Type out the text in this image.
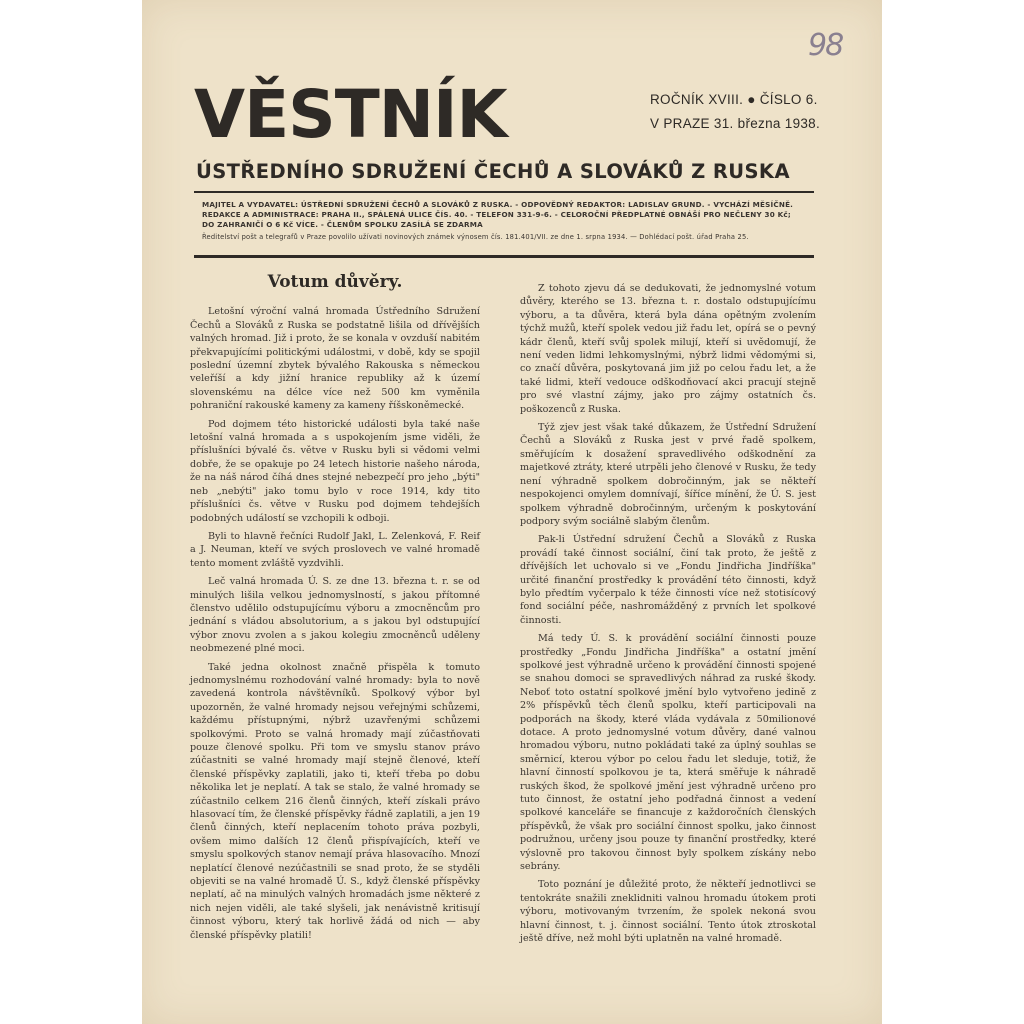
98
VĚSTNÍK	ROČNÍK XVIII. ● ČÍSLO 6.
V PRAZE 31. března 1938.
ÚSTŘEDNÍHO SDRUŽENÍ ČECHŮ A SLOVÁKŮ Z RUSKA
MAJITEL A VYDAVATEL: ÚSTŘEDNÍ SDRUŽENÍ ČECHŮ A SLOVÁKŮ Z RUSKA. - ODPOVĚDNÝ REDAKTOR: LADISLAV GRUND. - VYCHÁZÍ MĚSÍČNĚ.
REDAKCE A ADMINISTRACE: PRAHA II., SPÁLENÁ ULICE ČÍS. 40. - TELEFON 331-9-6. - CELOROČNÍ PŘEDPLATNÉ OBNÁŠÍ PRO NEČLENY 30 Kč;
DO ZAHRANIČÍ O 6 Kč VÍCE. - ČLENŮM SPOLKU ZASÍLÁ SE ZDARMA
Ředitelství pošt a telegrafů v Praze povolilo užívati novinových známek výnosem čís. 181.401/VII. ze dne 1. srpna 1934. — Dohlédací pošt. úřad Praha 25.
Votum důvěry.

Letošní výroční valná hromada Ústředního Sdružení Čechů a Slováků z Ruska se podstatně lišila od dřívějších valných hromad. Již i proto, že se konala v ovzduší nabitém překvapujícími politickými událostmi, v době, kdy se spojil poslední územní zbytek bývalého Rakouska s německou veleříší a kdy jižní hranice republiky až k území slovenskému na délce více než 500 km vyměnila pohraniční rakouské kameny za kameny říšskoněmecké.

Pod dojmem této historické události byla také naše letošní valná hromada a s uspokojením jsme viděli, že příslušníci bývalé čs. větve v Rusku byli si vědomi velmi dobře, že se opakuje po 24 letech historie našeho národa, že na náš národ číhá dnes stejné nebezpečí pro jeho „býti" neb „nebýti" jako tomu bylo v roce 1914, kdy tito příslušníci čs. větve v Rusku pod dojmem tehdejších podobných událostí se vzchopili k odboji.

Byli to hlavně řečníci Rudolf Jakl, L. Zelenková, F. Reif a J. Neuman, kteří ve svých proslovech ve valné hromadě tento moment zvláště vyzdvihli.

Leč valná hromada Ú. S. ze dne 13. března t. r. se od minulých lišila velkou jednomyslností, s jakou přítomné členstvo udělilo odstupujícímu výboru a zmocněncům pro jednání s vládou absolutorium, a s jakou byl odstupující výbor znovu zvolen a s jakou kolegiu zmocněnců uděleny neobmezené plné moci.

Také jedna okolnost značně přispěla k tomuto jednomyslnému rozhodování valné hromady: byla to nově zavedená kontrola návštěvníků. Spolkový výbor byl upozorněn, že valné hromady nejsou veřejnými schůzemi, každému přístupnými, nýbrž uzavřenými schůzemi spolkovými. Proto se valná hromady mají zúčastňovati pouze členové spolku. Při tom ve smyslu stanov právo zúčastniti se valné hromady mají stejně členové, kteří členské příspěvky zaplatili, jako ti, kteří třeba po dobu několika let je neplatí. A tak se stalo, že valné hromady se zúčastnilo celkem 216 členů činných, kteří získali právo hlasovací tím, že členské příspěvky řádně zaplatili, a jen 19 členů činných, kteří neplacením tohoto práva pozbyli, ovšem mimo dalších 12 členů přispívajících, kteří ve smyslu spolkových stanov nemají práva hlasovacího. Mnozí neplatící členové nezúčastnili se snad proto, že se styděli objeviti se na valné hromadě Ú. S., když členské příspěvky neplatí, ač na minulých valných hromadách jsme některé z nich nejen viděli, ale také slyšeli, jak nenávistně kritisují činnost výboru, který tak horlivě žádá od nich — aby členské příspěvky platili!

Z tohoto zjevu dá se dedukovati, že jednomyslné votum důvěry, kterého se 13. března t. r. dostalo odstupujícímu výboru, a ta důvěra, která byla dána opětným zvolením týchž mužů, kteří spolek vedou již řadu let, opírá se o pevný kádr členů, kteří svůj spolek milují, kteří si uvědomují, že není veden lidmi lehkomyslnými, nýbrž lidmi vědomými si, co značí důvěra, poskytovaná jim již po celou řadu let, a že také lidmi, kteří vedouce odškodňovací akci pracují stejně pro své vlastní zájmy, jako pro zájmy ostatních čs. poškozenců z Ruska.

Týž zjev jest však také důkazem, že Ústřední Sdružení Čechů a Slováků z Ruska jest v prvé řadě spolkem, směřujícím k dosažení spravedlivého odškodnění za majetkové ztráty, které utrpěli jeho členové v Rusku, že tedy není výhradně spolkem dobročinným, jak se někteří nespokojenci omylem domnívají, šíříce mínění, že Ú. S. jest spolkem výhradně dobročinným, určeným k poskytování podpory svým sociálně slabým členům.

Pak-li Ústřední sdružení Čechů a Slováků z Ruska provádí také činnost sociální, činí tak proto, že ještě z dřívějších let uchovalo si ve „Fondu Jindřicha Jindříška" určité finanční prostředky k provádění této činnosti, když bylo předtím vyčerpalo k téže činnosti více než stotisícový fond sociální péče, nashromážděný z prvních let spolkové činnosti.

Má tedy Ú. S. k provádění sociální činnosti pouze prostředky „Fondu Jindřicha Jindříška" a ostatní jmění spolkové jest výhradně určeno k provádění činnosti spojené se snahou domoci se spravedlivých náhrad za ruské škody. Neboť toto ostatní spolkové jmění bylo vytvořeno jedině z 2% příspěvků těch členů spolku, kteří participovali na podporách na škody, které vláda vydávala z 50milionové dotace. A proto jednomyslné votum důvěry, dané valnou hromadou výboru, nutno pokládati také za úplný souhlas se směrnicí, kterou výbor po celou řadu let sleduje, totiž, že hlavní činností spolkovou je ta, která směřuje k náhradě ruských škod, že spolkové jmění jest výhradně určeno pro tuto činnost, že ostatní jeho podřadná činnost a vedení spolkové kanceláře se financuje z každoročních členských příspěvků, že však pro sociální činnost spolku, jako činnost podružnou, určeny jsou pouze ty finanční prostředky, které výslovně pro takovou činnost byly spolkem získány nebo sebrány.

Toto poznání je důležité proto, že někteří jednotlivci se tentokráte snažili zneklidniti valnou hromadu útokem proti výboru, motivovaným tvrzením, že spolek nekoná svou hlavní činnost, t. j. činnost sociální. Tento útok ztroskotal ještě dříve, než mohl býti uplatněn na valné hromadě.
